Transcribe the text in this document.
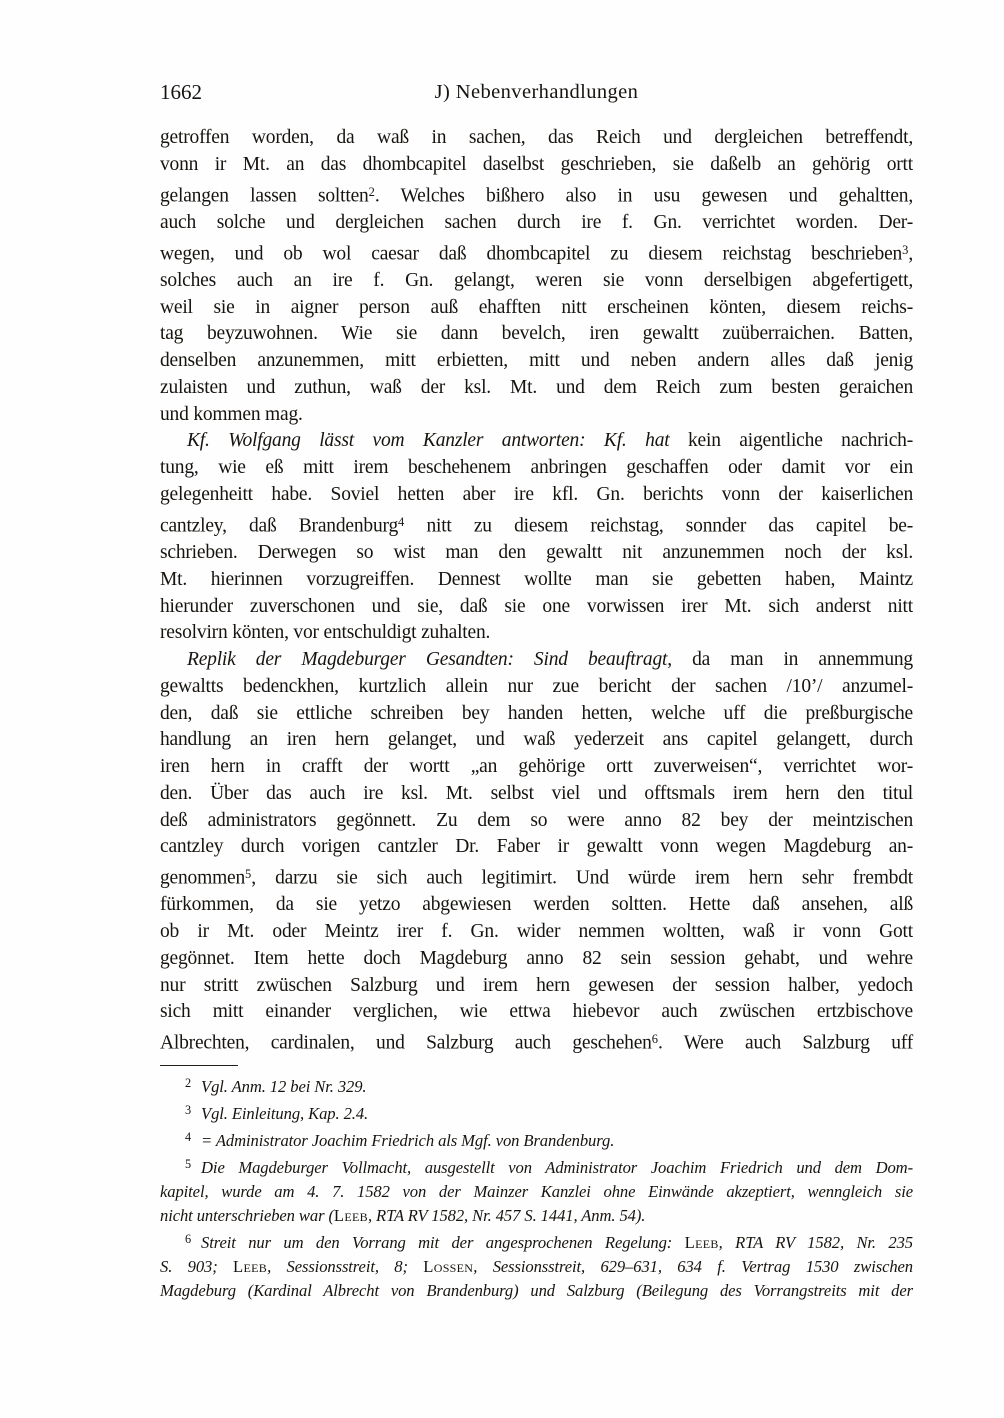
1662	J) Nebenverhandlungen
getroffen worden, da waß in sachen, das Reich und dergleichen betreffendt,
vonn ir Mt. an das dhombcapitel daselbst geschrieben, sie daßelb an gehörig ortt
gelangen lassen soltten$^2$. Welches bißhero also in usu gewesen und gehaltten,
auch solche und dergleichen sachen durch ire f. Gn. verrichtet worden. Der-
wegen, und ob wol caesar daß dhombcapitel zu diesem reichstag beschrieben$^3$,
solches auch an ire f. Gn. gelangt, weren sie vonn derselbigen abgefertigett,
weil sie in aigner person auß ehafften nitt erscheinen könten, diesem reichs-
tag beyzuwohnen. Wie sie dann bevelch, iren gewaltt zuüberraichen. Batten,
denselben anzunemmen, mitt erbietten, mitt und neben andern alles daß jenig
zulaisten und zuthun, waß der ksl. Mt. und dem Reich zum besten geraichen
und kommen mag.
Kf. Wolfgang lässt vom Kanzler antworten: Kf. hat kein aigentliche nachrich-
tung, wie eß mitt irem beschehenem anbringen geschaffen oder damit vor ein
gelegenheitt habe. Soviel hetten aber ire kfl. Gn. berichts vonn der kaiserlichen
cantzley, daß Brandenburg$^4$ nitt zu diesem reichstag, sonnder das capitel be-
schrieben. Derwegen so wist man den gewaltt nit anzunemmen noch der ksl.
Mt. hierinnen vorzugreiffen. Dennest wollte man sie gebetten haben, Maintz
hierunder zuverschonen und sie, daß sie one vorwissen irer Mt. sich anderst nitt
resolvirn könten, vor entschuldigt zuhalten.
Replik der Magdeburger Gesandten: Sind beauftragt, da man in annemmung
gewaltts bedenckhen, kurtzlich allein nur zue bericht der sachen /10’/ anzumel-
den, daß sie ettliche schreiben bey handen hetten, welche uff die preßburgische
handlung an iren hern gelanget, und waß yederzeit ans capitel gelangett, durch
iren hern in crafft der wortt „an gehörige ortt zuverweisen“, verrichtet wor-
den. Über das auch ire ksl. Mt. selbst viel und offtsmals irem hern den titul
deß administrators gegönnett. Zu dem so were anno 82 bey der meintzischen
cantzley durch vorigen cantzler Dr. Faber ir gewaltt vonn wegen Magdeburg an-
genommen$^5$, darzu sie sich auch legitimirt. Und würde irem hern sehr frembdt
fürkommen, da sie yetzo abgewiesen werden soltten. Hette daß ansehen, alß
ob ir Mt. oder Meintz irer f. Gn. wider nemmen woltten, waß ir vonn Gott
gegönnet. Item hette doch Magdeburg anno 82 sein session gehabt, und wehre
nur stritt zwüschen Salzburg und irem hern gewesen der session halber, yedoch
sich mitt einander verglichen, wie ettwa hiebevor auch zwüschen ertzbischove
Albrechten, cardinalen, und Salzburg auch geschehen$^6$. Were auch Salzburg uff
$^2$ Vgl. Anm. 12 bei Nr. 329.
$^3$ Vgl. Einleitung, Kap. 2.4.
$^4$ = Administrator Joachim Friedrich als Mgf. von Brandenburg.
$^5$ Die Magdeburger Vollmacht, ausgestellt von Administrator Joachim Friedrich und dem Dom-
kapitel, wurde am 4. 7. 1582 von der Mainzer Kanzlei ohne Einwände akzeptiert, wenngleich sie
nicht unterschrieben war (Leeb, RTA RV 1582, Nr. 457 S. 1441, Anm. 54).
$^6$ Streit nur um den Vorrang mit der angesprochenen Regelung: Leeb, RTA RV 1582, Nr. 235
S. 903; Leeb, Sessionsstreit, 8; Lossen, Sessionsstreit, 629–631, 634 f. Vertrag 1530 zwischen
Magdeburg (Kardinal Albrecht von Brandenburg) und Salzburg (Beilegung des Vorrangstreits mit der
